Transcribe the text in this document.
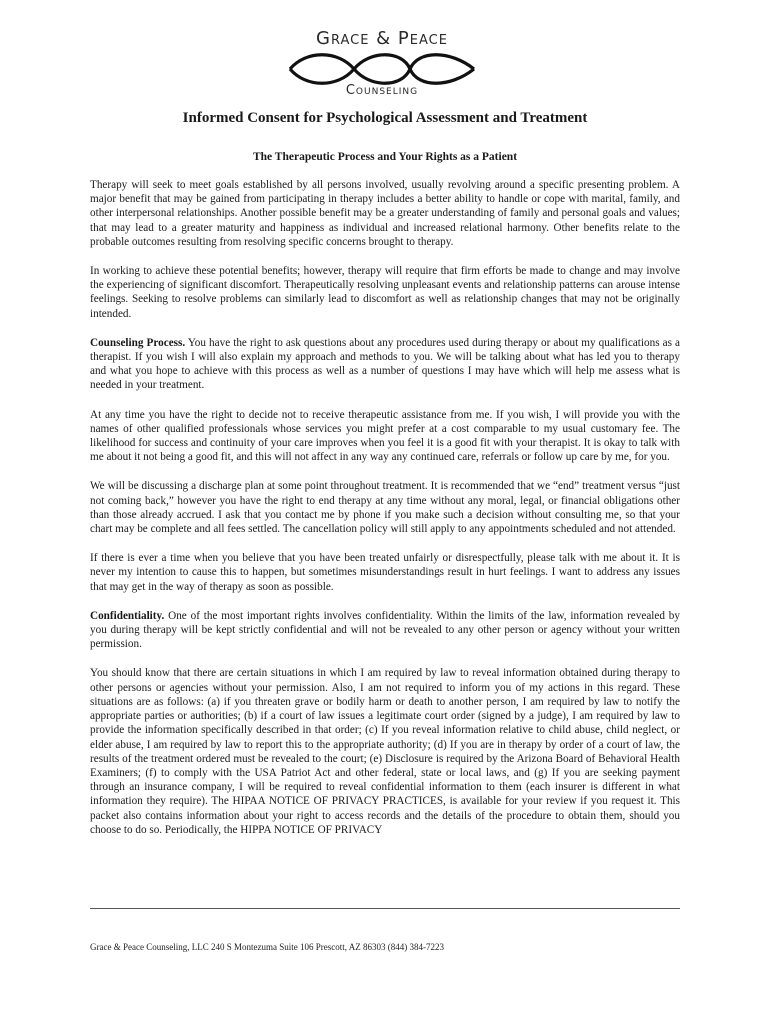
Grace & Peace
Counseling
Informed Consent for Psychological Assessment and Treatment
The Therapeutic Process and Your Rights as a Patient

Therapy will seek to meet goals established by all persons involved, usually revolving around a specific presenting problem. A major benefit that may be gained from participating in therapy includes a better ability to handle or cope with marital, family, and other interpersonal relationships. Another possible benefit may be a greater understanding of family and personal goals and values; that may lead to a greater maturity and happiness as individual and increased relational harmony. Other benefits relate to the probable outcomes resulting from resolving specific concerns brought to therapy.

In working to achieve these potential benefits; however, therapy will require that firm efforts be made to change and may involve the experiencing of significant discomfort. Therapeutically resolving unpleasant events and relationship patterns can arouse intense feelings. Seeking to resolve problems can similarly lead to discomfort as well as relationship changes that may not be originally intended.

Counseling Process. You have the right to ask questions about any procedures used during therapy or about my qualifications as a therapist. If you wish I will also explain my approach and methods to you. We will be talking about what has led you to therapy and what you hope to achieve with this process as well as a number of questions I may have which will help me assess what is needed in your treatment.

At any time you have the right to decide not to receive therapeutic assistance from me. If you wish, I will provide you with the names of other qualified professionals whose services you might prefer at a cost comparable to my usual customary fee. The likelihood for success and continuity of your care improves when you feel it is a good fit with your therapist. It is okay to talk with me about it not being a good fit, and this will not affect in any way any continued care, referrals or follow up care by me, for you.

We will be discussing a discharge plan at some point throughout treatment. It is recommended that we “end” treatment versus “just not coming back,” however you have the right to end therapy at any time without any moral, legal, or financial obligations other than those already accrued. I ask that you contact me by phone if you make such a decision without consulting me, so that your chart may be complete and all fees settled. The cancellation policy will still apply to any appointments scheduled and not attended.

If there is ever a time when you believe that you have been treated unfairly or disrespectfully, please talk with me about it. It is never my intention to cause this to happen, but sometimes misunderstandings result in hurt feelings. I want to address any issues that may get in the way of therapy as soon as possible.

Confidentiality. One of the most important rights involves confidentiality. Within the limits of the law, information revealed by you during therapy will be kept strictly confidential and will not be revealed to any other person or agency without your written permission.

You should know that there are certain situations in which I am required by law to reveal information obtained during therapy to other persons or agencies without your permission. Also, I am not required to inform you of my actions in this regard. These situations are as follows: (a) if you threaten grave or bodily harm or death to another person, I am required by law to notify the appropriate parties or authorities; (b) if a court of law issues a legitimate court order (signed by a judge), I am required by law to provide the information specifically described in that order; (c) If you reveal information relative to child abuse, child neglect, or elder abuse, I am required by law to report this to the appropriate authority; (d) If you are in therapy by order of a court of law, the results of the treatment ordered must be revealed to the court; (e) Disclosure is required by the Arizona Board of Behavioral Health Examiners; (f) to comply with the USA Patriot Act and other federal, state or local laws, and (g) If you are seeking payment through an insurance company, I will be required to reveal confidential information to them (each insurer is different in what information they require). The HIPAA NOTICE OF PRIVACY PRACTICES, is available for your review if you request it. This packet also contains information about your right to access records and the details of the procedure to obtain them, should you choose to do so. Periodically, the HIPPA NOTICE OF PRIVACY

Grace & Peace Counseling, LLC 240 S Montezuma Suite 106 Prescott, AZ 86303 (844) 384-7223
